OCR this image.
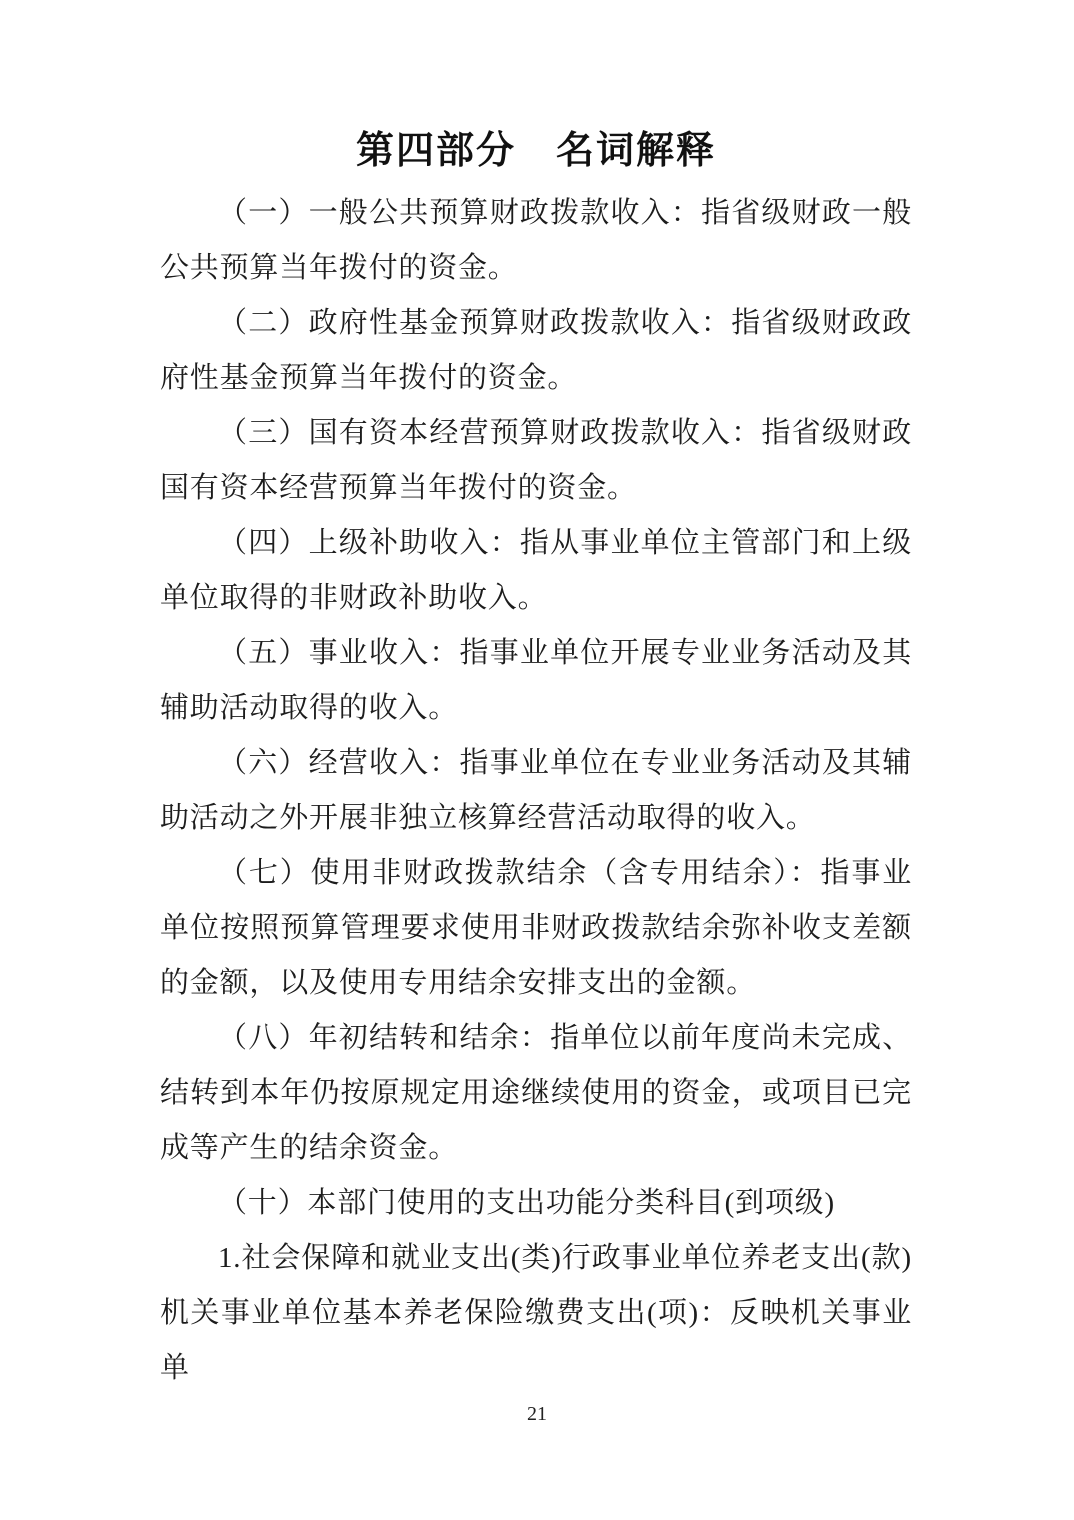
第四部分　名词解释

（一）一般公共预算财政拨款收入：指省级财政一般公共预算当年拨付的资金。

（二）政府性基金预算财政拨款收入：指省级财政政府性基金预算当年拨付的资金。

（三）国有资本经营预算财政拨款收入：指省级财政国有资本经营预算当年拨付的资金。

（四）上级补助收入：指从事业单位主管部门和上级单位取得的非财政补助收入。

（五）事业收入：指事业单位开展专业业务活动及其辅助活动取得的收入。

（六）经营收入：指事业单位在专业业务活动及其辅助活动之外开展非独立核算经营活动取得的收入。

（七）使用非财政拨款结余（含专用结余）：指事业单位按照预算管理要求使用非财政拨款结余弥补收支差额的金额，以及使用专用结余安排支出的金额。

（八）年初结转和结余：指单位以前年度尚未完成、结转到本年仍按原规定用途继续使用的资金，或项目已完成等产生的结余资金。

（十）本部门使用的支出功能分类科目(到项级)

1.社会保障和就业支出(类)行政事业单位养老支出(款)机关事业单位基本养老保险缴费支出(项)：反映机关事业单

21
